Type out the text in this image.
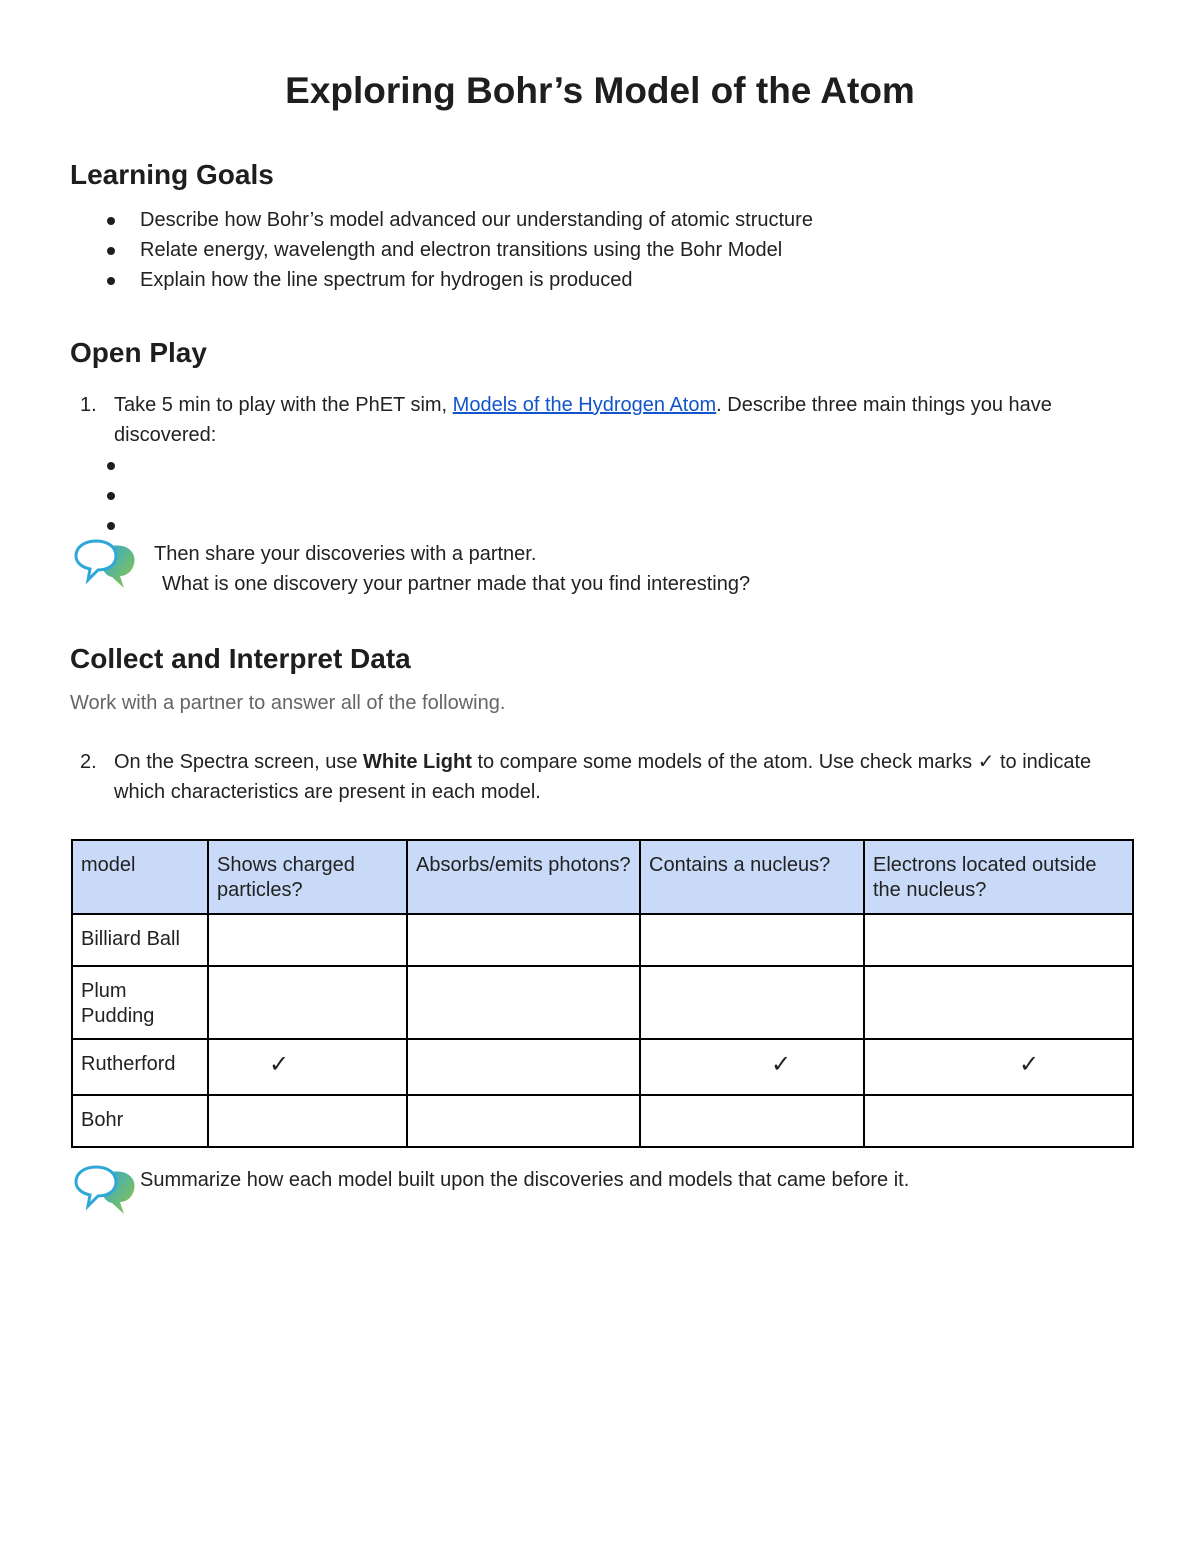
Exploring Bohr’s Model of the Atom
Learning Goals
Describe how Bohr’s model advanced our understanding of atomic structure
Relate energy, wavelength and electron transitions using the Bohr Model
Explain how the line spectrum for hydrogen is produced
Open Play
1. Take 5 min to play with the PhET sim, Models of the Hydrogen Atom. Describe three main things you have discovered:

Then share your discoveries with a partner.
What is one discovery your partner made that you find interesting?
Collect and Interpret Data
Work with a partner to answer all of the following.
2. On the Spectra screen, use White Light to compare some models of the atom. Use check marks ✓ to indicate which characteristics are present in each model.

model	Shows charged particles?	Absorbs/emits photons?	Contains a nucleus?	Electrons located outside the nucleus?
Billiard Ball				
Plum Pudding				
Rutherford	✓		✓	✓

Bohr				
Summarize how each model built upon the discoveries and models that came before it.
